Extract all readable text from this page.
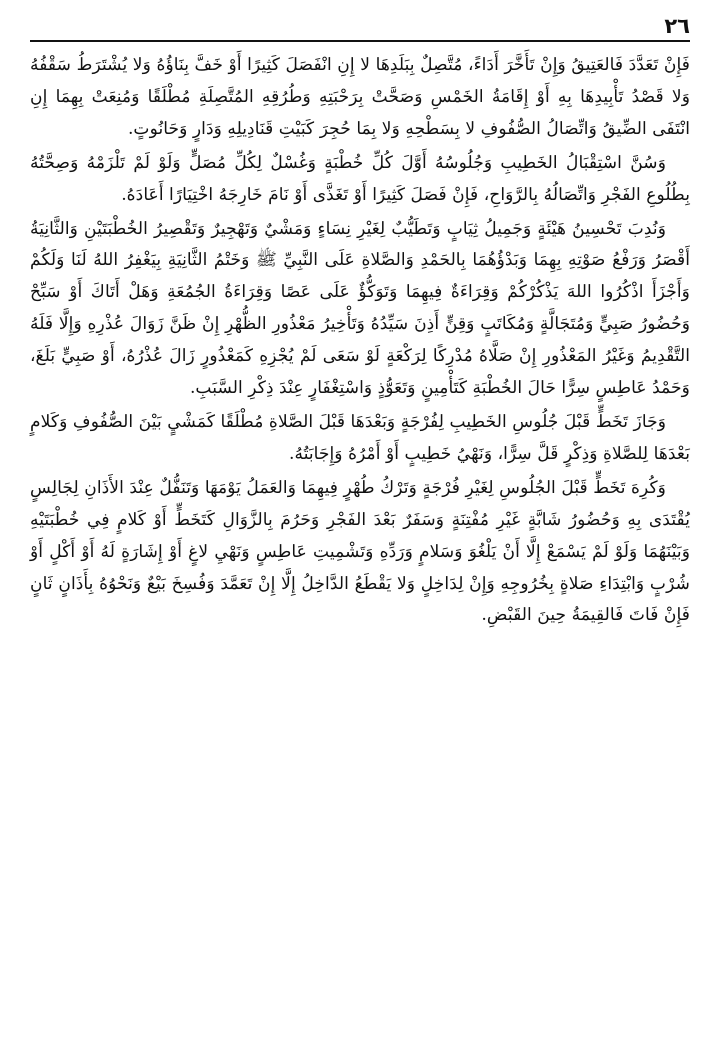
٢٦

فَإِنْ تَعَدَّدَ فَالعَتِيقُ وَإِنْ تَأَخَّرَ أَدَاءً، مُتَّصِلٌ بِبَلَدِهَا لا إِنِ انْفَصَلَ كَثِيرًا أَوْ خَفَّ بِنَاؤُهُ وَلا يُشْتَرَطُ سَقْفُهُ وَلا قَصْدُ تَأْبِيدِهَا بِهِ أَوْ إِقَامَةُ الخَمْسِ وَصَحَّتْ بِرَحْبَتِهِ وَطُرُقِهِ المُتَّصِلَةِ مُطْلَقًا وَمُنِعَتْ بِهِمَا إِنِ انْتَفَى الضِّيقُ وَاتِّصَالُ الصُّفُوفِ لا بِسَطْحِهِ وَلا بِمَا حُجِرَ كَبَيْتِ قَنَادِيلِهِ وَدَارٍ وَحَانُوتٍ.

وَسُنَّ اسْتِقْبَالُ الخَطِيبِ وَجُلُوسُهُ أَوَّلَ كُلِّ خُطْبَةٍ وَغُسْلٌ لِكُلِّ مُصَلٍّ وَلَوْ لَمْ تَلْزَمْهُ وَصِحَّتُهُ بِطُلُوعِ الفَجْرِ وَاتِّصَالُهُ بِالرَّوَاحِ، فَإِنْ فَصَلَ كَثِيرًا أَوْ تَغَذَّى أَوْ نَامَ خَارِجَهُ اخْتِيَارًا أَعَادَهُ.

وَنُدِبَ تَحْسِينُ هَيْئَةٍ وَجَمِيلُ ثِيَابٍ وَتَطَيُّبٌ لِغَيْرِ نِسَاءٍ وَمَشْيٌ وَتَهْجِيرٌ وَتَقْصِيرُ الخُطْبَتَيْنِ وَالثَّانِيَةُ أَقْصَرُ وَرَفْعُ صَوْتِهِ بِهِمَا وَبَدْؤُهُمَا بِالحَمْدِ وَالصَّلاةِ عَلَى النَّبِيِّ ﷺ وَخَتْمُ الثَّانِيَةِ بِيَغْفِرُ اللهُ لَنَا وَلَكُمْ وَأَجْزَأَ اذْكُرُوا اللهَ يَذْكُرْكُمْ وَقِرَاءَةٌ فِيهِمَا وَتَوَكُّؤٌ عَلَى عَصًا وَقِرَاءَةُ الجُمُعَةِ وَهَلْ أَتَاكَ أَوْ سَبِّحْ وَحُضُورُ صَبِيٍّ وَمُتَجَالَّةٍ وَمُكَاتَبٍ وَقِنٍّ أَذِنَ سَيِّدُهُ وَتَأْخِيرُ مَعْذُورِ الظُّهْرِ إِنْ ظَنَّ زَوَالَ عُذْرِهِ وَإِلَّا فَلَهُ التَّقْدِيمُ وَغَيْرُ المَعْذُورِ إِنْ صَلَّاهُ مُدْرِكًا لِرَكْعَةٍ لَوْ سَعَى لَمْ يُجْزِهِ كَمَعْذُورٍ زَالَ عُذْرُهُ، أَوْ صَبِيٍّ بَلَغَ، وَحَمْدُ عَاطِسٍ سِرًّا حَالَ الخُطْبَةِ كَتَأْمِينٍ وَتَعَوُّذٍ وَاسْتِغْفَارٍ عِنْدَ ذِكْرِ السَّبَبِ.

وَجَازَ تَخَطٍّ قَبْلَ جُلُوسِ الخَطِيبِ لِفُرْجَةٍ وَبَعْدَهَا قَبْلَ الصَّلاةِ مُطْلَقًا كَمَشْيٍ بَيْنَ الصُّفُوفِ وَكَلامٍ بَعْدَهَا لِلصَّلاةِ وَذِكْرٍ قَلَّ سِرًّا، وَنَهْيُ خَطِيبٍ أَوْ أَمْرُهُ وَإِجَابَتُهُ.

وَكُرِهَ تَخَطٍّ قَبْلَ الجُلُوسِ لِغَيْرِ فُرْجَةٍ وَتَرْكُ طُهْرٍ فِيهِمَا وَالعَمَلُ يَوْمَهَا وَتَنَفُّلٌ عِنْدَ الأَذَانِ لِجَالِسٍ يُقْتَدَى بِهِ وَحُضُورُ شَابَّةٍ غَيْرِ مُفْتِنَةٍ وَسَفَرٌ بَعْدَ الفَجْرِ وَحَرُمَ بِالزَّوَالِ كَتَخَطٍّ أَوْ كَلامٍ فِي خُطْبَتَيْهِ وَبَيْنَهُمَا وَلَوْ لَمْ يَسْمَعْ إِلَّا أَنْ يَلْغُوَ وَسَلامٍ وَرَدِّهِ وَتَشْمِيتِ عَاطِسٍ وَنَهْيِ لاغٍ أَوْ إِشَارَةٍ لَهُ أَوْ أَكْلٍ أَوْ شُرْبٍ وَابْتِدَاءِ صَلاةٍ بِخُرُوجِهِ وَإِنْ لِدَاخِلٍ وَلا يَقْطَعُ الدَّاخِلُ إِلَّا إِنْ تَعَمَّدَ وَفُسِخَ بَيْعٌ وَنَحْوُهُ بِأَذَانٍ ثَانٍ فَإِنْ فَاتَ فَالقِيمَةُ حِينَ القَبْضِ.
